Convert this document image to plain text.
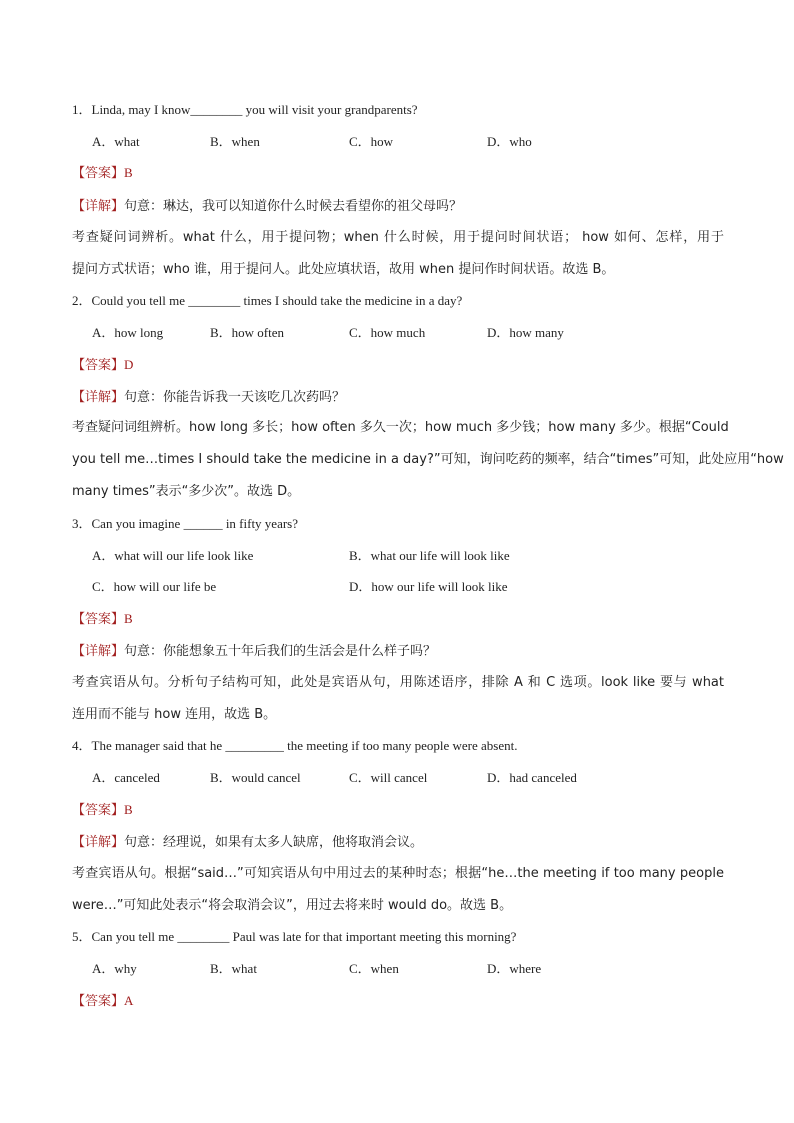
1．Linda, may I know________ you will visit your grandparents?
A．what	B．when	C．how	D．who
【答案】B
【详解】句意：琳达，我可以知道你什么时候去看望你的祖父母吗？
考查疑问词辨析。what 什么，用于提问物；when 什么时候，用于提问时间状语； how 如何、怎样，用于
提问方式状语；who 谁，用于提问人。此处应填状语，故用 when 提问作时间状语。故选 B。
2．Could you tell me ________ times I should take the medicine in a day?
A．how long	B．how often	C．how much	D．how many
【答案】D
【详解】句意：你能告诉我一天该吃几次药吗？
考查疑问词组辨析。how long 多长；how often 多久一次；how much 多少钱；how many 多少。根据“Could
you tell me…times I should take the medicine in a day?”可知，询问吃药的频率，结合“times”可知，此处应用“how
many times”表示“多少次”。故选 D。
3．Can you imagine ______ in fifty years?
A．what will our life look like	B．what our life will look like
C．how will our life be	D．how our life will look like
【答案】B
【详解】句意：你能想象五十年后我们的生活会是什么样子吗？
考查宾语从句。分析句子结构可知，此处是宾语从句，用陈述语序，排除 A 和 C 选项。look like 要与 what
连用而不能与 how 连用，故选 B。
4．The manager said that he _________ the meeting if too many people were absent.
A．canceled	B．would cancel	C．will cancel	D．had canceled
【答案】B
【详解】句意：经理说，如果有太多人缺席，他将取消会议。
考查宾语从句。根据“said…”可知宾语从句中用过去的某种时态；根据“he…the meeting if too many people
were…”可知此处表示“将会取消会议”，用过去将来时 would do。故选 B。
5．Can you tell me ________ Paul was late for that important meeting this morning?
A．why	B．what	C．when	D．where
【答案】A
